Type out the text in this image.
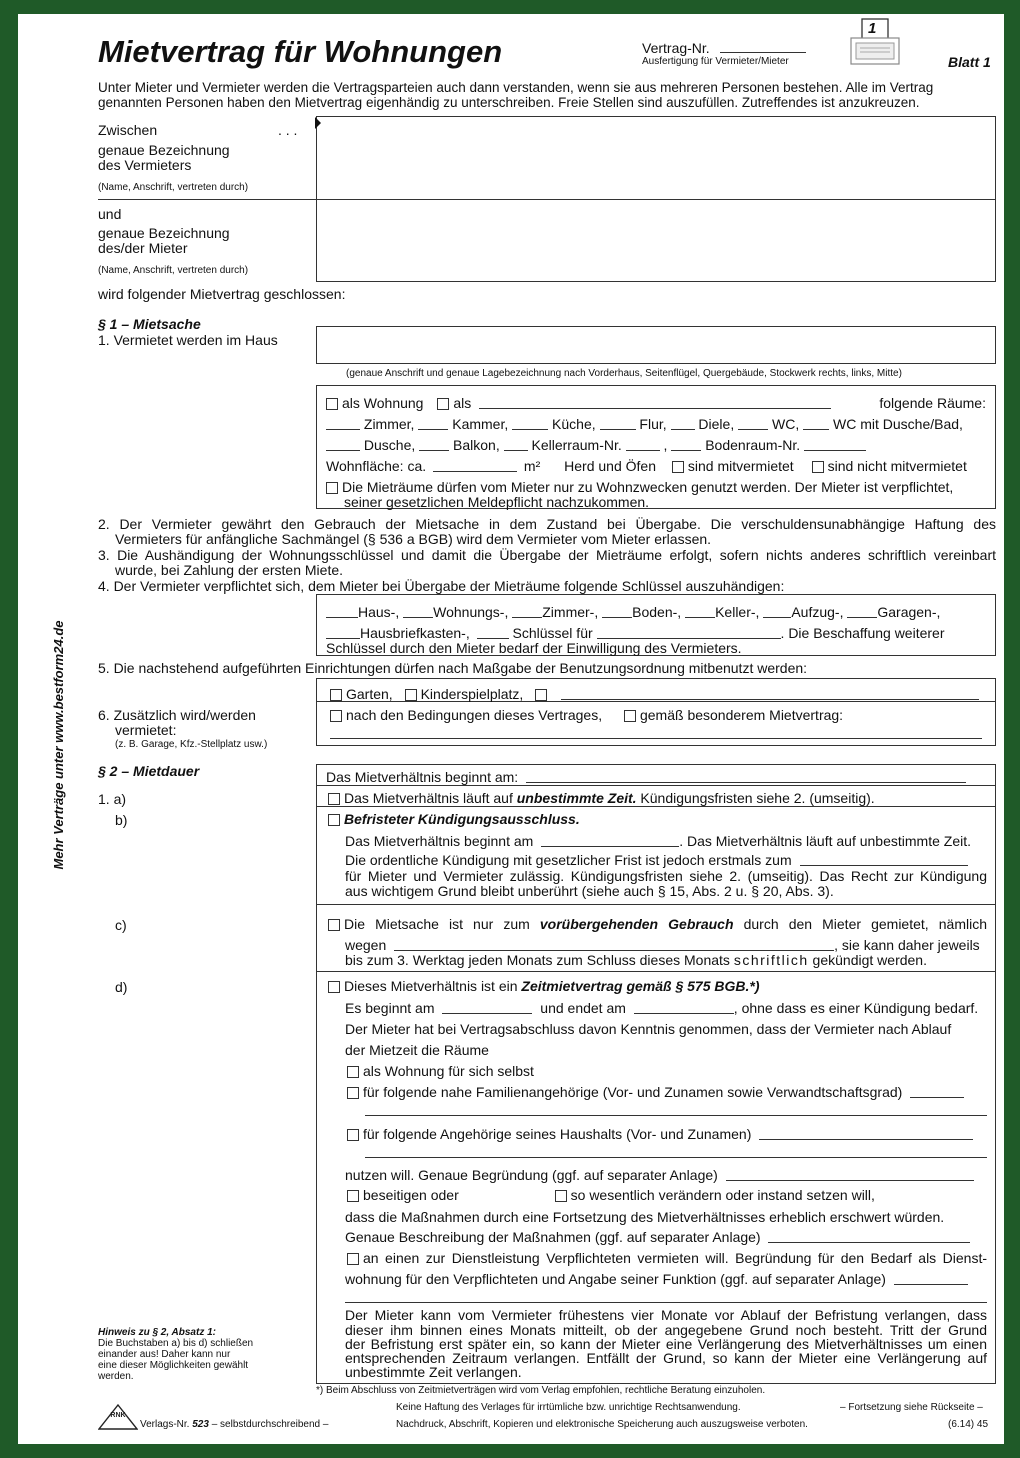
Mietvertrag für Wohnungen	Vertrag-Nr.
Ausfertigung für Vermieter/Mieter
1
Blatt 1
Unter Mieter und Vermieter werden die Vertragsparteien auch dann verstanden, wenn sie aus mehreren Personen bestehen. Alle im Vertrag
genannten Personen haben den Mietvertrag eigenhändig zu unterschreiben. Freie Stellen sind auszufüllen. Zutreffendes ist anzukreuzen.
Zwischen	. . .
genaue Bezeichnung
des Vermieters
(Name, Anschrift, vertreten durch)
und
genaue Bezeichnung
des/der Mieter
(Name, Anschrift, vertreten durch)
wird folgender Mietvertrag geschlossen:
§ 1 – Mietsache
1. Vermietet werden im Haus
(genaue Anschrift und genaue Lagebezeichnung nach Vorderhaus, Seitenflügel, Quergebäude, Stockwerk rechts, links, Mitte)
als Wohnung als	folgende Räume:
Zimmer,	Kammer,	Küche,	Flur, Diele,	WC, WC mit Dusche/Bad,
Dusche,	Balkon, Kellerraum-Nr.	,  Bodenraum-Nr.
Wohnfläche: ca.	m² Herd und Öfen sind mitvermietet sind nicht mitvermietet
Die Mieträume dürfen vom Mieter nur zu Wohnzwecken genutzt werden. Der Mieter ist verpflichtet,
seiner gesetzlichen Meldepflicht nachzukommen.
2. Der Vermieter gewährt den Gebrauch der Mietsache in dem Zustand bei Übergabe. Die verschuldensunabhängige Haftung des
Vermieters für anfängliche Sachmängel (§ 536 a BGB) wird dem Vermieter vom Mieter erlassen.
3. Die Aushändigung der Wohnungsschlüssel und damit die Übergabe der Mieträume erfolgt, sofern nichts anderes schriftlich vereinbart
wurde, bei Zahlung der ersten Miete.
4. Der Vermieter verpflichtet sich, dem Mieter bei Übergabe der Mieträume folgende Schlüssel auszuhändigen:
Haus-, Wohnungs-, Zimmer-, Boden-, Keller-, Aufzug-, Garagen-,
Hausbriefkasten-,	Schlüssel für	. Die Beschaffung weiterer
Schlüssel durch den Mieter bedarf der Einwilligung des Vermieters.
5. Die nachstehend aufgeführten Einrichtungen dürfen nach Maßgabe der Benutzungsordnung mitbenutzt werden:
Garten, Kinderspielplatz,
6. Zusätzlich wird/werden
vermietet:
(z. B. Garage, Kfz.-Stellplatz usw.)
nach den Bedingungen dieses Vertrages,	gemäß besonderem Mietvertrag:
§ 2 – Mietdauer	Das Mietverhältnis beginnt am:
1. a)	Das Mietverhältnis läuft auf unbestimmte Zeit. Kündigungsfristen siehe 2. (umseitig).
b)	Befristeter Kündigungsausschluss.
Das Mietverhältnis beginnt am	. Das Mietverhältnis läuft auf unbestimmte Zeit.
Die ordentliche Kündigung mit gesetzlicher Frist ist jedoch erstmals zum
für Mieter und Vermieter zulässig. Kündigungsfristen siehe 2. (umseitig). Das Recht zur Kündigung
aus wichtigem Grund bleibt unberührt (siehe auch § 15, Abs. 2 u. § 20, Abs. 3).
c)	Die Mietsache ist nur zum vorübergehenden Gebrauch durch den Mieter gemietet, nämlich
wegen	, sie kann daher jeweils
bis zum 3. Werktag jeden Monats zum Schluss dieses Monats schriftlich gekündigt werden.
d)	Dieses Mietverhältnis ist ein Zeitmietvertrag gemäß § 575 BGB.*)
Es beginnt am	und endet am	, ohne dass es einer Kündigung bedarf.
Der Mieter hat bei Vertragsabschluss davon Kenntnis genommen, dass der Vermieter nach Ablauf
der Mietzeit die Räume
als Wohnung für sich selbst
für folgende nahe Familienangehörige (Vor- und Zunamen sowie Verwandtschaftsgrad)
für folgende Angehörige seines Haushalts (Vor- und Zunamen)
nutzen will. Genaue Begründung (ggf. auf separater Anlage)
beseitigen oder	so wesentlich verändern oder instand setzen will,
dass die Maßnahmen durch eine Fortsetzung des Mietverhältnisses erheblich erschwert würden.
Genaue Beschreibung der Maßnahmen (ggf. auf separater Anlage)
an einen zur Dienstleistung Verpflichteten vermieten will. Begründung für den Bedarf als Dienst-
wohnung für den Verpflichteten und Angabe seiner Funktion (ggf. auf separater Anlage)
Der Mieter kann vom Vermieter frühestens vier Monate vor Ablauf der Befristung verlangen, dass
dieser ihm binnen eines Monats mitteilt, ob der angegebene Grund noch besteht. Tritt der Grund
der Befristung erst später ein, so kann der Mieter eine Verlängerung des Mietverhältnisses um einen
entsprechenden Zeitraum verlangen. Entfällt der Grund, so kann der Mieter eine Verlängerung auf
unbestimmte Zeit verlangen.
Hinweis zu § 2, Absatz 1:
Die Buchstaben a) bis d) schließen
einander aus! Daher kann nur
eine dieser Möglichkeiten gewählt
werden.
*) Beim Abschluss von Zeitmietverträgen wird vom Verlag empfohlen, rechtliche Beratung einzuholen.
Keine Haftung des Verlages für irrtümliche bzw. unrichtige Rechtsanwendung.	– Fortsetzung siehe Rückseite –
Nachdruck, Abschrift, Kopieren und elektronische Speicherung auch auszugsweise verboten.	(6.14) 45
RNK
Verlags-Nr. 523 – selbstdurchschreibend –
Mehr Verträge unter www.bestform24.de
